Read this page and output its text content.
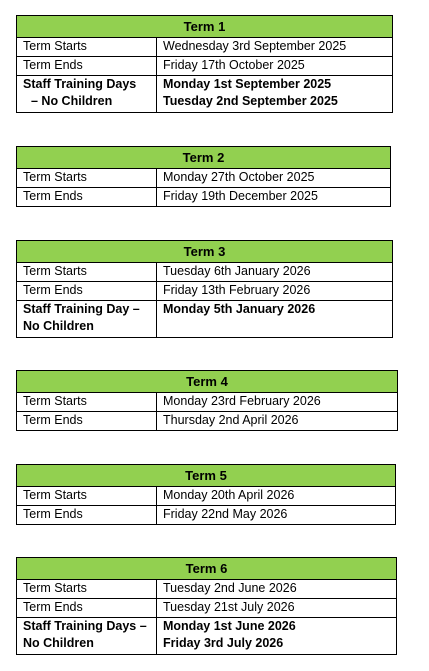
Term 1	
Term Starts	Wednesday 3rd September 2025
Term Ends	Friday 17th October 2025

Staff Training Days
– No Children	Monday 1st September 2025
Tuesday 2nd September 2025
Term 2	
Term Starts	Monday 27th October 2025
Term Ends	Friday 19th December 2025
Term 3	
Term Starts	Tuesday 6th January 2026
Term Ends	Friday 13th February 2026

Staff Training Day –
No Children	Monday 5th January 2026
Term 4	
Term Starts	Monday 23rd February 2026
Term Ends	Thursday 2nd April 2026
Term 5	
Term Starts	Monday 20th April 2026
Term Ends	Friday 22nd May 2026
Term 6	
Term Starts	Tuesday 2nd June 2026
Term Ends	Tuesday 21st July 2026

Staff Training Days –
No Children	Monday 1st June 2026
Friday 3rd July 2026
